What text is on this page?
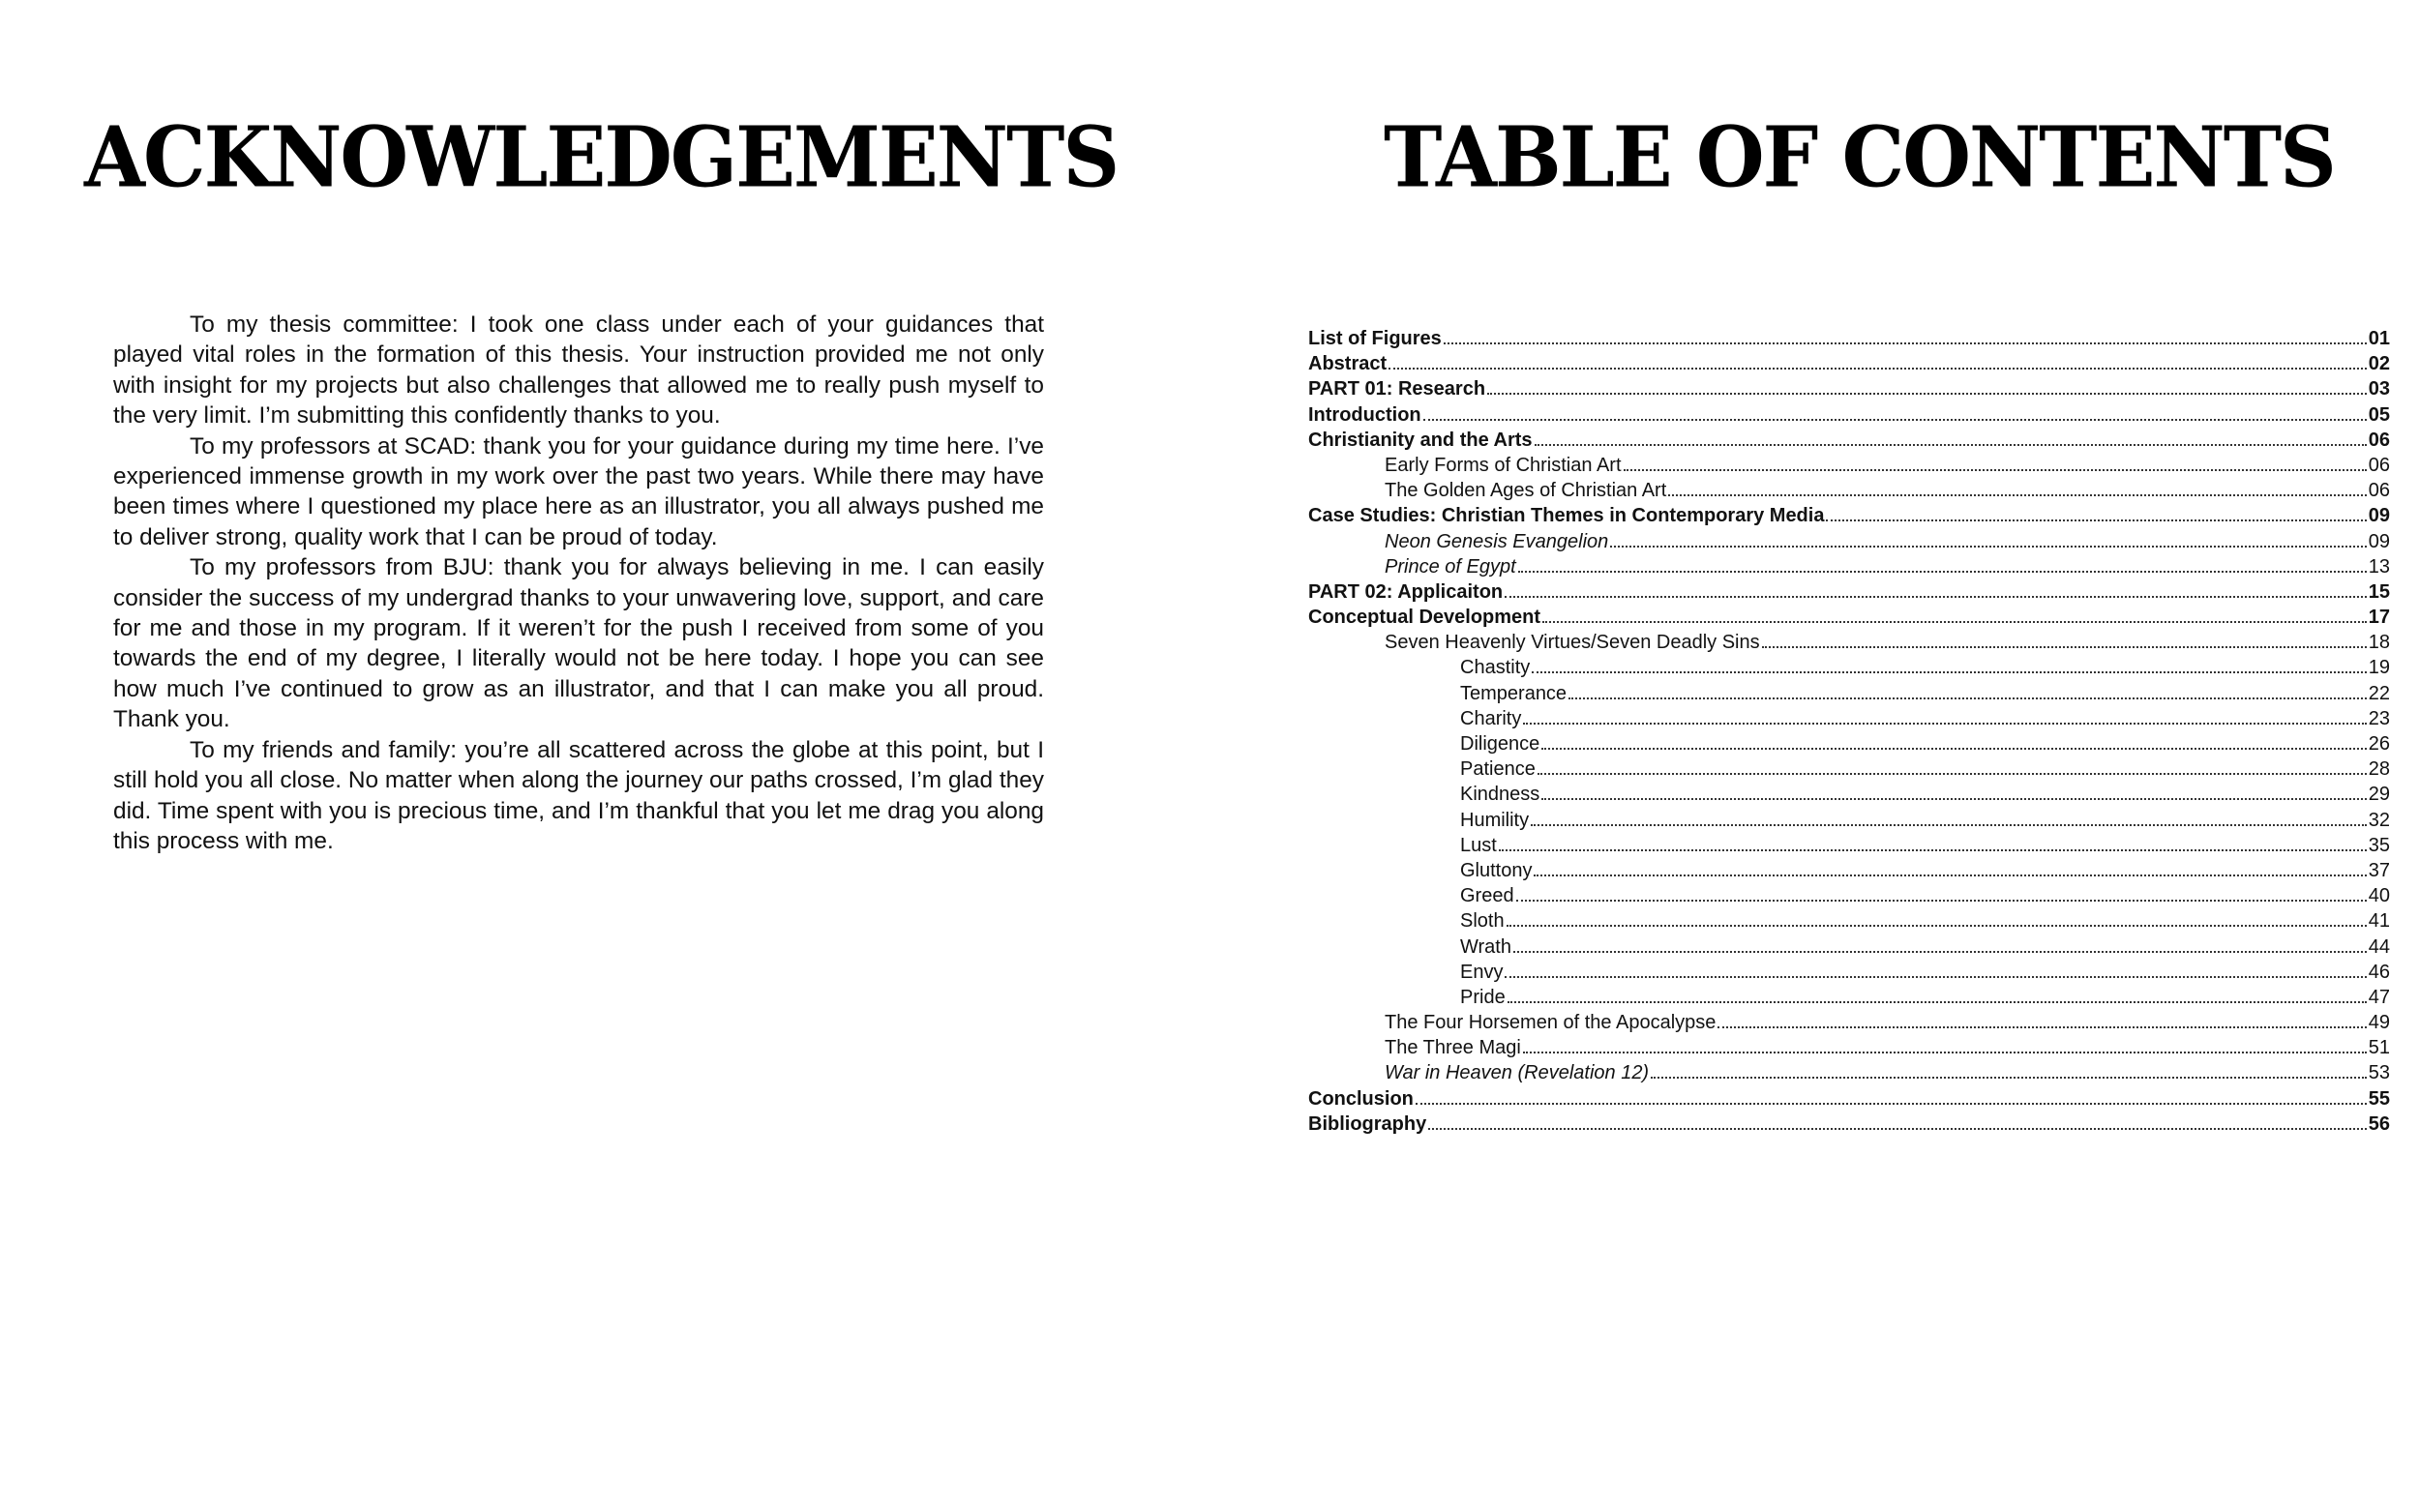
ACKNOWLEDGEMENTS

To my thesis committee: I took one class under each of your guidances that played vital roles in the formation of this thesis. Your instruction provided me not only with insight for my projects but also challenges that allowed me to really push myself to the very limit. I’m submitting this confidently thanks to you.

To my professors at SCAD: thank you for your guidance during my time here. I’ve experienced immense growth in my work over the past two years. While there may have been times where I questioned my place here as an illustrator, you all always pushed me to deliver strong, quality work that I can be proud of today.

To my professors from BJU: thank you for always believing in me. I can easily consider the success of my undergrad thanks to your unwavering love, support, and care for me and those in my program. If it weren’t for the push I received from some of you towards the end of my degree, I literally would not be here today. I hope you can see how much I’ve continued to grow as an illustrator, and that I can make you all proud. Thank you.

To my friends and family: you’re all scattered across the globe at this point, but I still hold you all close. No matter when along the journey our paths crossed, I’m glad they did. Time spent with you is precious time, and I’m thankful that you let me drag you along this process with me.

TABLE OF CONTENTS
List of Figures	01
Abstract	02
PART 01: Research	03
Introduction	05
Christianity and the Arts	06
Early Forms of Christian Art	06
The Golden Ages of Christian Art	06
Case Studies: Christian Themes in Contemporary Media	09
Neon Genesis Evangelion	09
Prince of Egypt	13
PART 02: Applicaiton	15
Conceptual Development	17
Seven Heavenly Virtues/Seven Deadly Sins	18
Chastity	19
Temperance	22
Charity	23
Diligence	26
Patience	28
Kindness	29
Humility	32
Lust	35
Gluttony	37
Greed	40
Sloth	41
Wrath	44
Envy	46
Pride	47
The Four Horsemen of the Apocalypse	49
The Three Magi	51
War in Heaven (Revelation 12)	53
Conclusion	55
Bibliography	56
